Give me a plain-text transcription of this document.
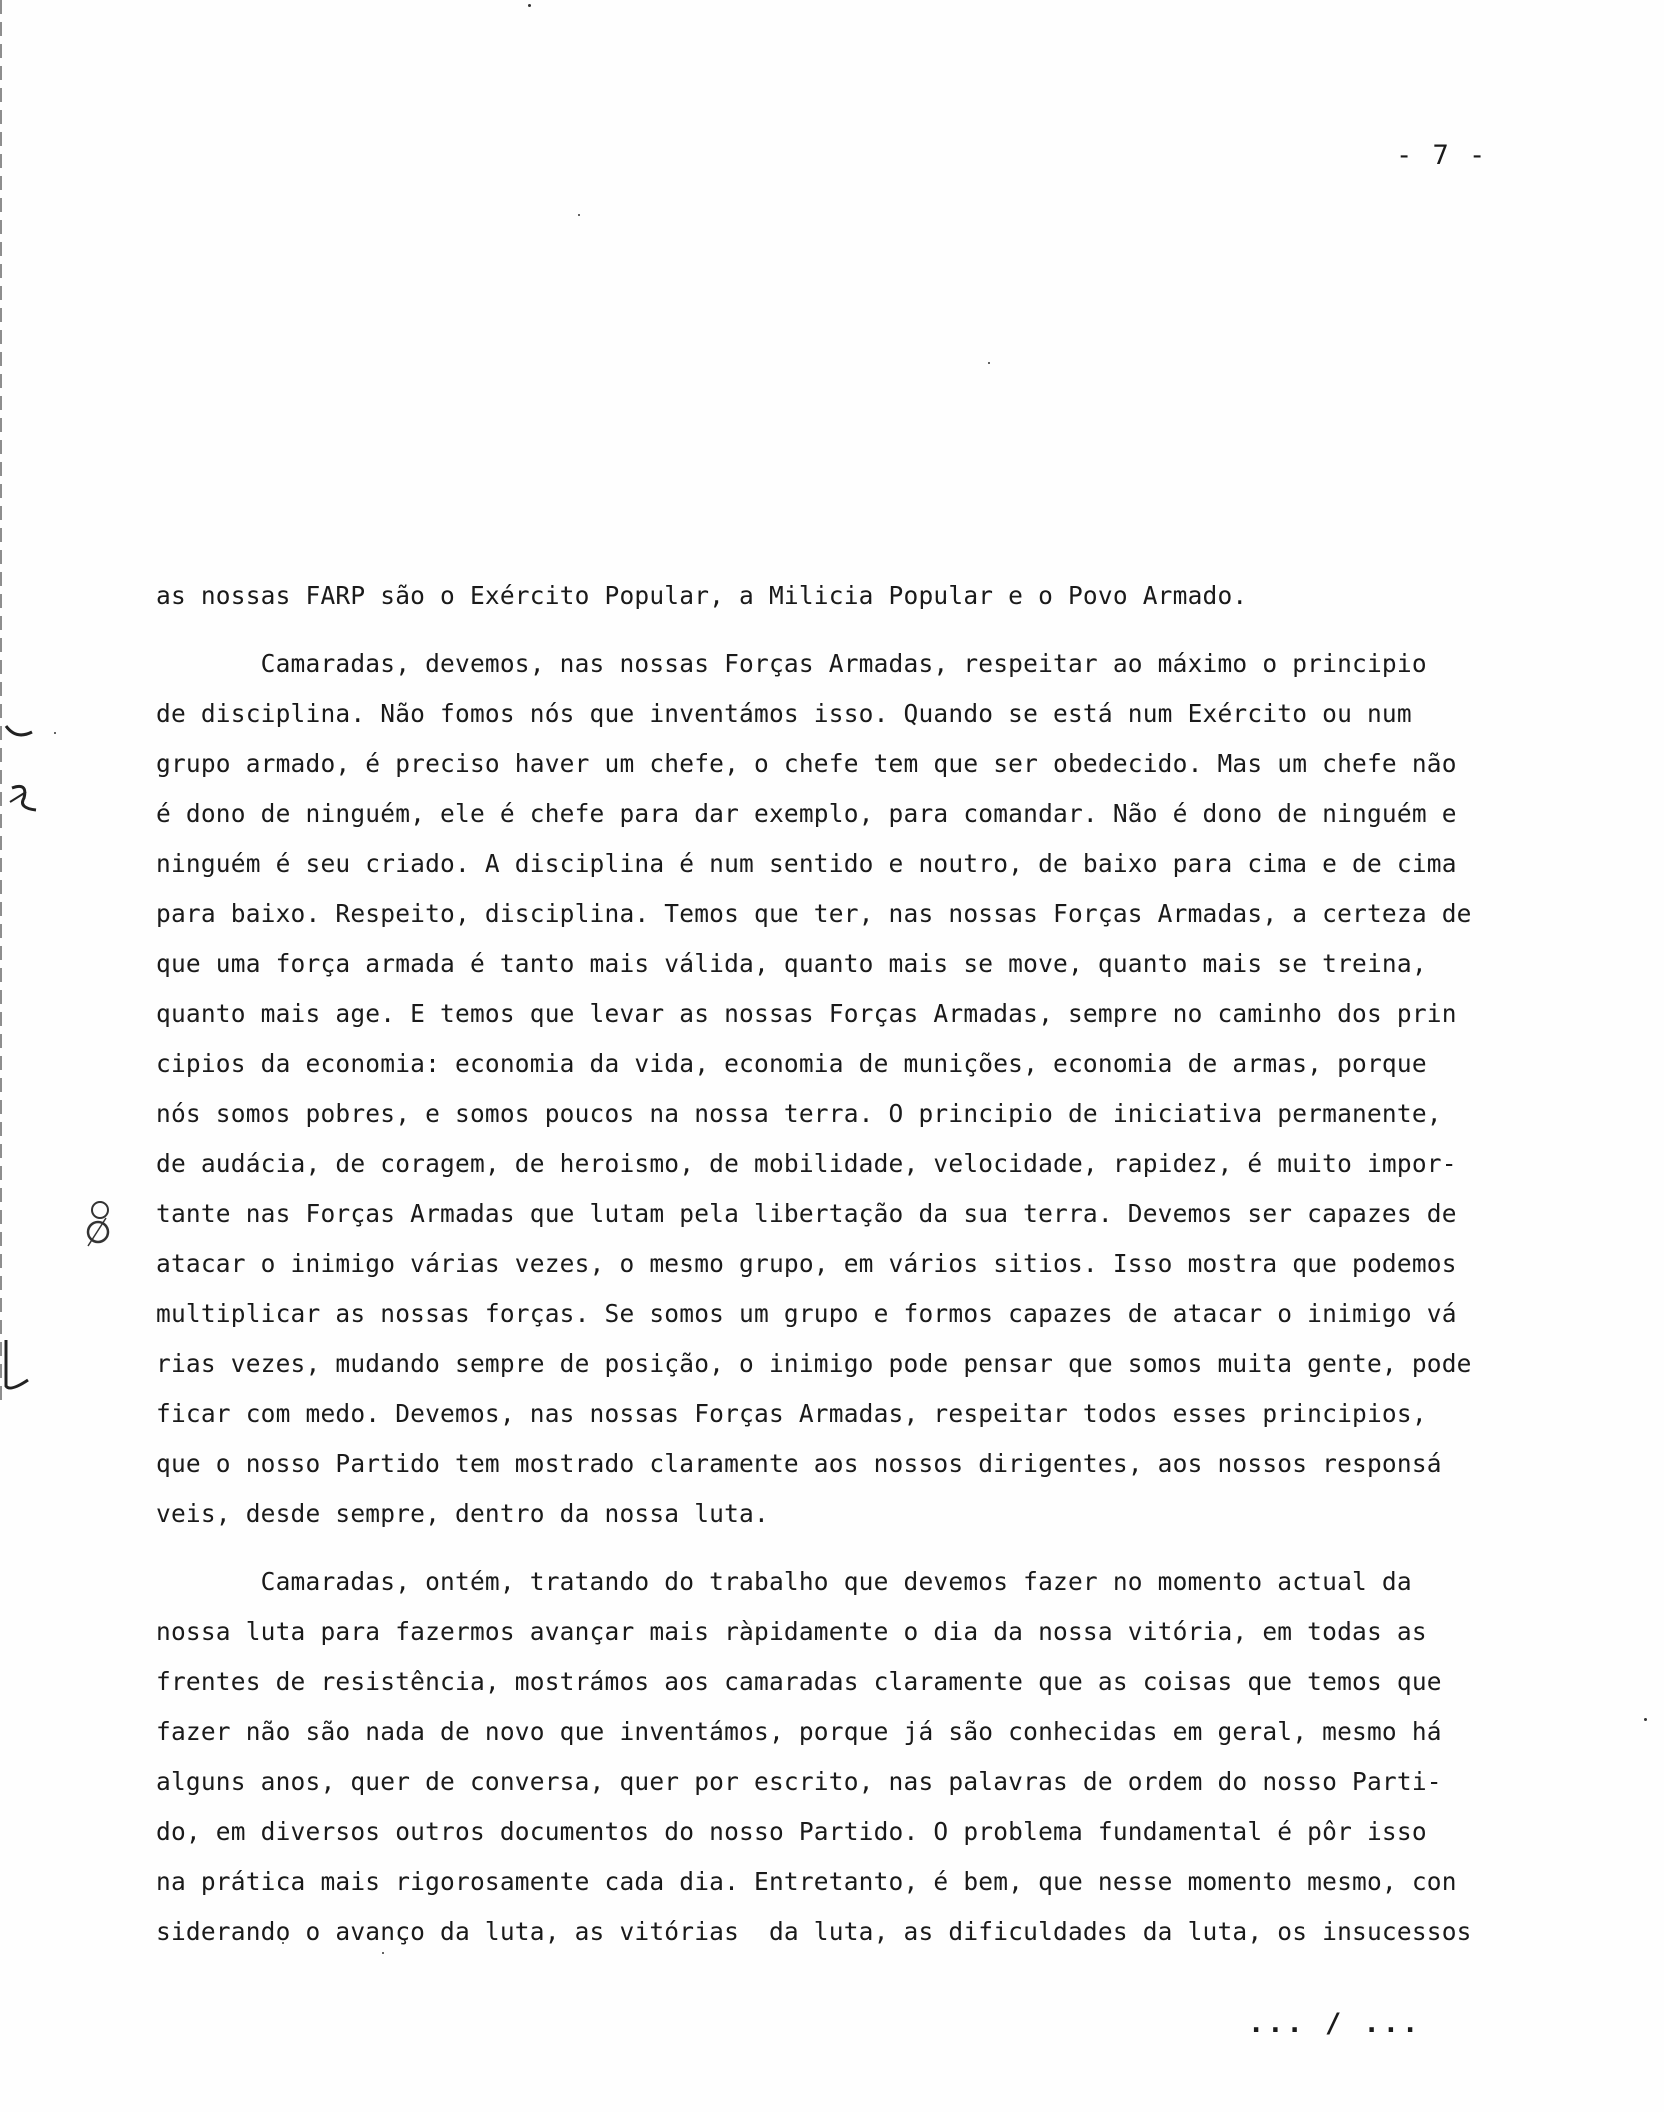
- 7 -
as nossas FARP são o Exército Popular, a Milicia Popular e o Povo Armado.
Camaradas, devemos, nas nossas Forças Armadas, respeitar ao máximo o principio
de disciplina. Não fomos nós que inventámos isso. Quando se está num Exército ou num
grupo armado, é preciso haver um chefe, o chefe tem que ser obedecido. Mas um chefe não
é dono de ninguém, ele é chefe para dar exemplo, para comandar. Não é dono de ninguém e
ninguém é seu criado. A disciplina é num sentido e noutro, de baixo para cima e de cima
para baixo. Respeito, disciplina. Temos que ter, nas nossas Forças Armadas, a certeza de
que uma força armada é tanto mais válida, quanto mais se move, quanto mais se treina,
quanto mais age. E temos que levar as nossas Forças Armadas, sempre no caminho dos prin
cipios da economia: economia da vida, economia de munições, economia de armas, porque
nós somos pobres, e somos poucos na nossa terra. O principio de iniciativa permanente,
de audácia, de coragem, de heroismo, de mobilidade, velocidade, rapidez, é muito impor-
tante nas Forças Armadas que lutam pela libertação da sua terra. Devemos ser capazes de
atacar o inimigo várias vezes, o mesmo grupo, em vários sitios. Isso mostra que podemos
multiplicar as nossas forças. Se somos um grupo e formos capazes de atacar o inimigo vá
rias vezes, mudando sempre de posição, o inimigo pode pensar que somos muita gente, pode
ficar com medo. Devemos, nas nossas Forças Armadas, respeitar todos esses principios,
que o nosso Partido tem mostrado claramente aos nossos dirigentes, aos nossos responsá
veis, desde sempre, dentro da nossa luta.
Camaradas, ontém, tratando do trabalho que devemos fazer no momento actual da
nossa luta para fazermos avançar mais ràpidamente o dia da nossa vitória, em todas as
frentes de resistência, mostrámos aos camaradas claramente que as coisas que temos que
fazer não são nada de novo que inventámos, porque já são conhecidas em geral, mesmo há
alguns anos, quer de conversa, quer por escrito, nas palavras de ordem do nosso Parti-
do, em diversos outros documentos do nosso Partido. O problema fundamental é pôr isso
na prática mais rigorosamente cada dia. Entretanto, é bem, que nesse momento mesmo, con
siderando o avanço da luta, as vitórias  da luta, as dificuldades da luta, os insucessos
... / ...
